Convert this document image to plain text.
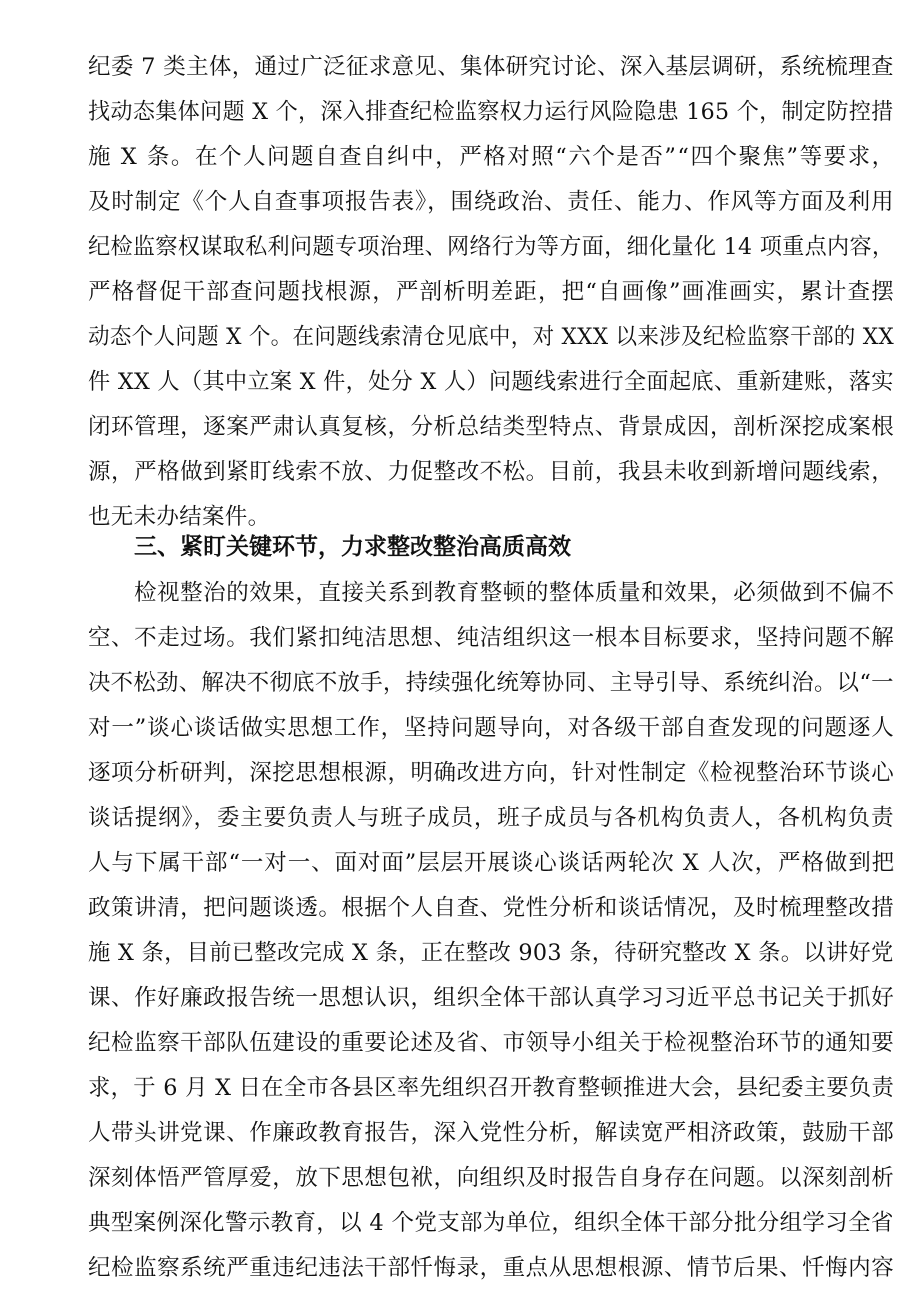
纪委 7 类主体，通过广泛征求意见、集体研究讨论、深入基层调研，系统梳理查
找动态集体问题 X 个，深入排查纪检监察权力运行风险隐患 165 个，制定防控措
施 X 条。在个人问题自查自纠中，严格对照“六个是否”“四个聚焦”等要求，
及时制定《个人自查事项报告表》，围绕政治、责任、能力、作风等方面及利用
纪检监察权谋取私利问题专项治理、网络行为等方面，细化量化 14 项重点内容，
严格督促干部查问题找根源，严剖析明差距，把“自画像”画准画实，累计查摆
动态个人问题 X 个。在问题线索清仓见底中，对 XXX 以来涉及纪检监察干部的 XX
件 XX 人（其中立案 X 件，处分 X 人）问题线索进行全面起底、重新建账，落实
闭环管理，逐案严肃认真复核，分析总结类型特点、背景成因，剖析深挖成案根
源，严格做到紧盯线索不放、力促整改不松。目前，我县未收到新增问题线索，
也无未办结案件。
三、紧盯关键环节，力求整改整治高质高效
检视整治的效果，直接关系到教育整顿的整体质量和效果，必须做到不偏不
空、不走过场。我们紧扣纯洁思想、纯洁组织这一根本目标要求，坚持问题不解
决不松劲、解决不彻底不放手，持续强化统筹协同、主导引导、系统纠治。以“一
对一”谈心谈话做实思想工作，坚持问题导向，对各级干部自查发现的问题逐人
逐项分析研判，深挖思想根源，明确改进方向，针对性制定《检视整治环节谈心
谈话提纲》，委主要负责人与班子成员，班子成员与各机构负责人，各机构负责
人与下属干部“一对一、面对面”层层开展谈心谈话两轮次 X 人次，严格做到把
政策讲清，把问题谈透。根据个人自查、党性分析和谈话情况，及时梳理整改措
施 X 条，目前已整改完成 X 条，正在整改 903 条，待研究整改 X 条。以讲好党
课、作好廉政报告统一思想认识，组织全体干部认真学习习近平总书记关于抓好
纪检监察干部队伍建设的重要论述及省、市领导小组关于检视整治环节的通知要
求，于 6 月 X 日在全市各县区率先组织召开教育整顿推进大会，县纪委主要负责
人带头讲党课、作廉政教育报告，深入党性分析，解读宽严相济政策，鼓励干部
深刻体悟严管厚爱，放下思想包袱，向组织及时报告自身存在问题。以深刻剖析
典型案例深化警示教育，以 4 个党支部为单位，组织全体干部分批分组学习全省
纪检监察系统严重违纪违法干部忏悔录，重点从思想根源、情节后果、忏悔内容
